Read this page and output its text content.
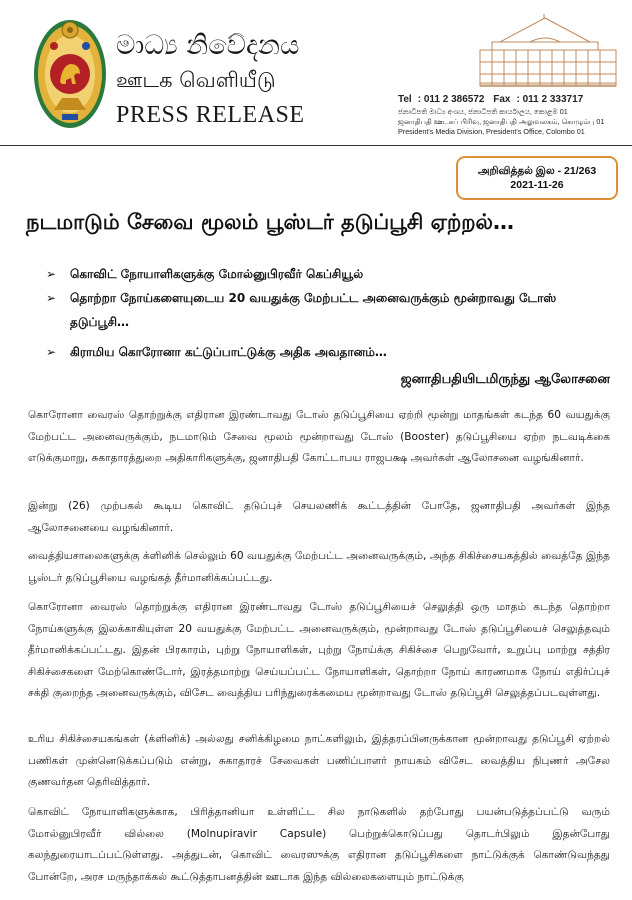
මාධ්‍ය නිවේදනය
ஊடக வெளியீடு
PRESS RELEASE
Tel : 011 2 386572 Fax : 011 2 333717
ජනාධිපති මාධ්‍ය අංශය, ජනාධිපති කාර්යාලය, කොළඹ 01
ஜனாதிபதி ஊடகப் பிரிவு, ஜனாதிபதி அலுவலகம், கொழும்பு 01
President's Media Division, President's Office, Colombo 01
அறிவித்தல் இல - 21/263
2021-11-26
நடமாடும் சேவை மூலம் பூஸ்டர் தடுப்பூசி ஏற்றல்…
➢ கொவிட் நோயாளிகளுக்கு மோல்னுபிரவீர் கெப்சியூல்
➢ தொற்றா நோய்களையுடைய 20 வயதுக்கு மேற்பட்ட அனைவருக்கும் மூன்றாவது டோஸ் தடுப்பூசி…
➢ கிராமிய கொரோனா கட்டுப்பாட்டுக்கு அதிக அவதானம்…
ஜனாதிபதியிடமிருந்து ஆலோசனை
கொரோனா வைரஸ் தொற்றுக்கு எதிரான இரண்டாவது டோஸ் தடுப்பூசியை ஏற்றி மூன்று மாதங்கள் கடந்த 60 வயதுக்கு மேற்பட்ட அனைவருக்கும், நடமாடும் சேவை மூலம் மூன்றாவது டோஸ் (Booster) தடுப்பூசியை ஏற்ற நடவடிக்கை எடுக்குமாறு, சுகாதாரத்துறை அதிகாரிகளுக்கு, ஜனாதிபதி கோட்டாபய ராஜபக்ஷ அவர்கள் ஆலோசனை வழங்கினார்.
இன்று (26) முற்பகல் கூடிய கொவிட் தடுப்புச் செயலணிக் கூட்டத்தின் போதே, ஜனாதிபதி அவர்கள் இந்த ஆலோசனையை வழங்கினார்.
வைத்தியசாலைகளுக்கு க்ளினிக் செல்லும் 60 வயதுக்கு மேற்பட்ட அனைவருக்கும், அந்த சிகிச்சையகத்தில் வைத்தே இந்த பூஸ்டர் தடுப்பூசியை வழங்கத் தீர்மானிக்கப்பட்டது.
கொரோனா வைரஸ் தொற்றுக்கு எதிரான இரண்டாவது டோஸ் தடுப்பூசியைச் செலுத்தி ஒரு மாதம் கடந்த தொற்றா நோய்களுக்கு இலக்காகியுள்ள 20 வயதுக்கு மேற்பட்ட அனைவருக்கும், மூன்றாவது டோஸ் தடுப்பூசியைச் செலுத்தவும் தீர்மானிக்கப்பட்டது. இதன் பிரகாரம், புற்று நோயாளிகள், புற்று நோய்க்கு சிகிச்சை பெறுவோர், உறுப்பு மாற்று சத்திர சிகிச்சைகளை மேற்கொண்டோர், இரத்தமாற்று செய்யப்பட்ட நோயாளிகள், தொற்றா நோய் காரணமாக நோய் எதிர்ப்புச் சக்தி குறைந்த அனைவருக்கும், விசேட வைத்திய பரிந்துரைக்கமைய மூன்றாவது டோஸ் தடுப்பூசி செலுத்தப்படவுள்ளது.
உரிய சிகிச்சையகங்கள் (க்ளினிக்) அல்லது சனிக்கிழமை நாட்களிலும், இத்தரப்பினருக்கான மூன்றாவது தடுப்பூசி ஏற்றல் பணிகள் முன்னெடுக்கப்படும் என்று, சுகாதாரச் சேவைகள் பணிப்பாளர் நாயகம் விசேட வைத்திய நிபுணர் அசேல குணவர்தன தெரிவித்தார்.
கொவிட் நோயாளிகளுக்காக, பிரித்தானியா உள்ளிட்ட சில நாடுகளில் தற்போது பயன்படுத்தப்பட்டு வரும் மோல்னுபிரவீர் வில்லை (Molnupiravir Capsule) பெற்றுக்கொடுப்பது தொடர்பிலும் இதன்போது கலந்துரையாடப்பட்டுள்ளது. அத்துடன், கொவிட் வைரஸுக்கு எதிரான தடுப்பூசிகளை நாட்டுக்குக் கொண்டுவந்தது போன்றே, அரச மருந்தாக்கல் கூட்டுத்தாபனத்தின் ஊடாக இந்த வில்லைகளையும் நாட்டுக்கு
